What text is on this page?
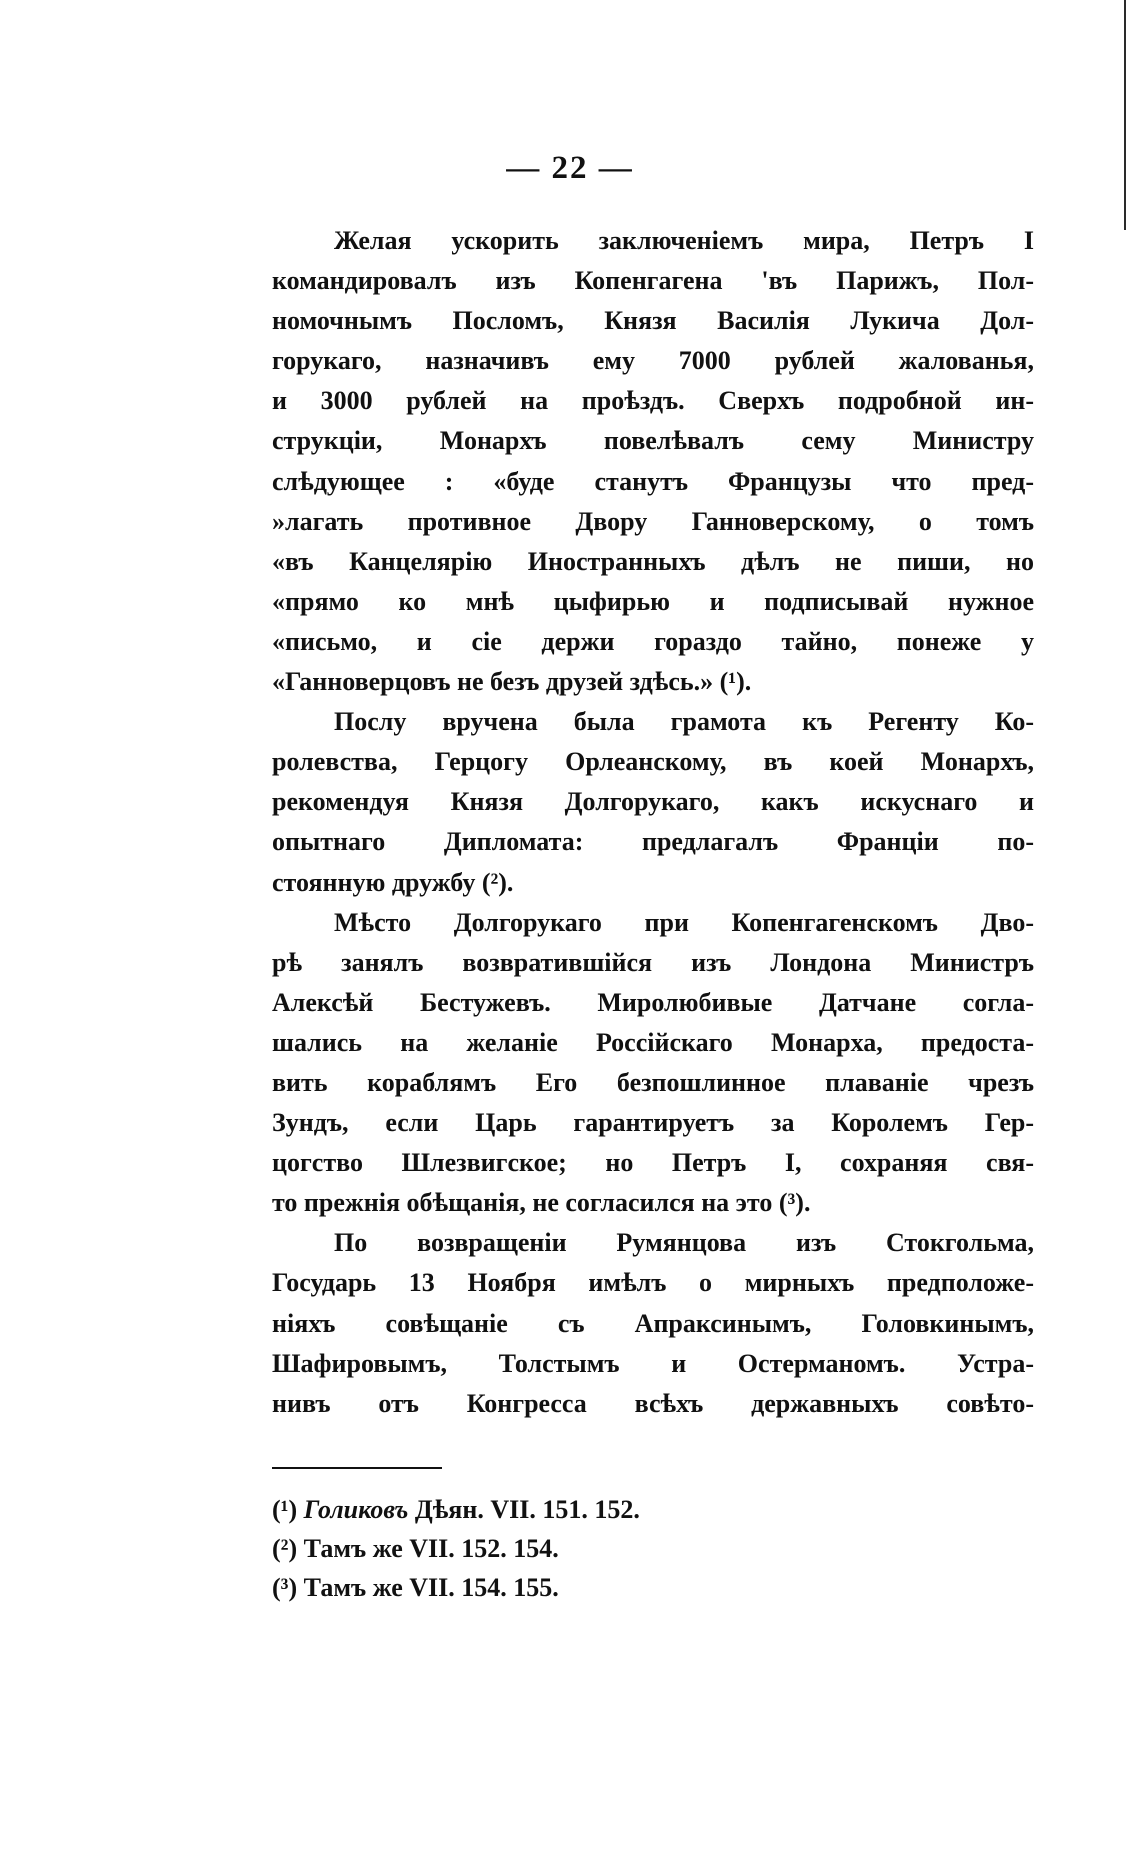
— 22 —
Желая ускорить заключеніемъ мира, Петръ I
командировалъ изъ Копенгагена 'въ Парижъ, Пол-
номочнымъ Посломъ, Князя Василія Лукича Дол-
горукаго, назначивъ ему 7000 рублей жалованья,
и 3000 рублей на проѣздъ. Сверхъ подробной ин-
струкціи, Монархъ повелѣвалъ сему Министру
слѣдующее : «буде станутъ Французы что пред-
»лагать противное Двору Ганноверскому, о томъ
«въ Канцелярію Иностранныхъ дѣлъ не пиши, но
«прямо ко мнѣ цыфирью и подписывай нужное
«письмо, и сіе держи гораздо тайно, понеже у
«Ганноверцовъ не безъ друзей здѣсь.» (¹).
Послу вручена была грамота къ Регенту Ко-
ролевства, Герцогу Орлеанскому, въ коей Монархъ,
рекомендуя Князя Долгорукаго, какъ искуснаго и
опытнаго Дипломата: предлагалъ Франціи по-
стоянную дружбу (²).
Мѣсто Долгорукаго при Копенгагенскомъ Дво-
рѣ занялъ возвратившійся изъ Лондона Министръ
Алексѣй Бестужевъ. Миролюбивые Датчане согла-
шались на желаніе Россійскаго Монарха, предоста-
вить кораблямъ Его безпошлинное плаваніе чрезъ
Зундъ, если Царь гарантируетъ за Королемъ Гер-
цогство Шлезвигское; но Петръ I, сохраняя свя-
то прежнія обѣщанія, не согласился на это (³).
По возвращеніи Румянцова изъ Стокгольма,
Государь 13 Ноября имѣлъ о мирныхъ предположе-
ніяхъ совѣщаніе съ Апраксинымъ, Головкинымъ,
Шафировымъ, Толстымъ и Остерманомъ. Устра-
нивъ отъ Конгресса всѣхъ державныхъ совѣто-
(¹) Голиковъ Дѣян. VII. 151. 152.
(²) Тамъ же VII. 152. 154.
(³) Тамъ же VII. 154. 155.
